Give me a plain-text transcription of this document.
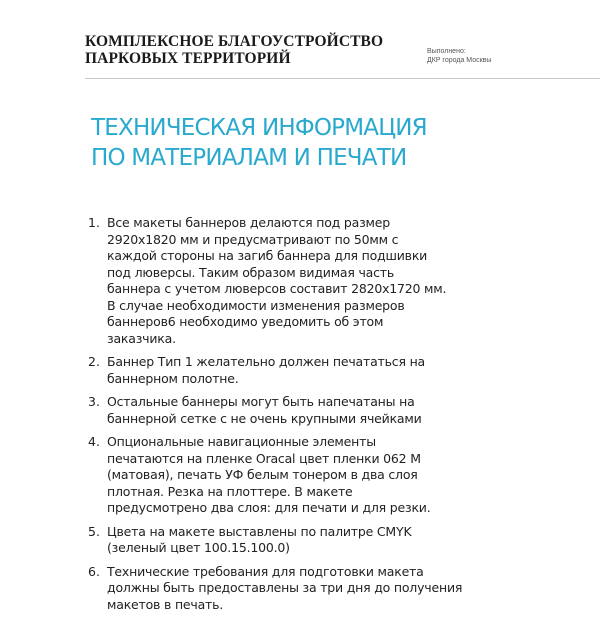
КОМПЛЕКСНОЕ БЛАГОУСТРОЙСТВО
ПАРКОВЫХ ТЕРРИТОРИЙ	Выполнено:
ДКР города Москвы
ТЕХНИЧЕСКАЯ ИНФОРМАЦИЯ
ПО МАТЕРИАЛАМ И ПЕЧАТИ
1. Все макеты баннеров делаются под размер
2920х1820 мм и предусматривают по 50мм с
каждой стороны на загиб баннера для подшивки
под люверсы. Таким образом видимая часть
баннера с учетом люверсов составит 2820х1720 мм.
В случае необходимости изменения размеров
баннеров6 необходимо уведомить об этом
заказчика.
2. Баннер Тип 1 желательно должен печататься на
баннерном полотне.
3. Остальные баннеры могут быть напечатаны на
баннерной сетке с не очень крупными ячейками
4. Опциональные навигационные элементы
печатаются на пленке Oracal цвет пленки 062 М
(матовая), печать УФ белым тонером в два слоя
плотная. Резка на плоттере. В макете
предусмотрено два слоя: для печати и для резки.
5. Цвета на макете выставлены по палитре CMYK
(зеленый цвет 100.15.100.0)
6. Технические требования для подготовки макета
должны быть предоставлены за три дня до получения
макетов в печать.
